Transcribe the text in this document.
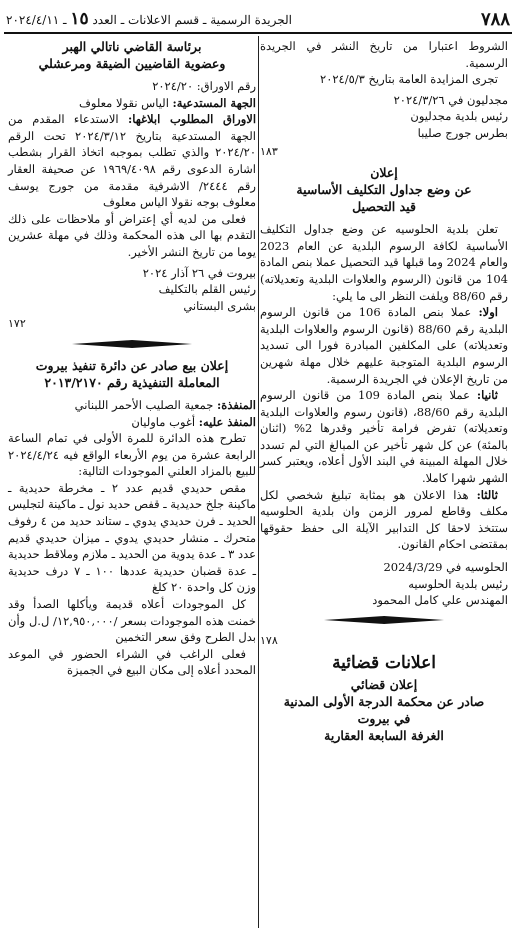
٧٨٨
الجريدة الرسمية ـ قسم الاعلانات ـ العدد ١٥ ـ ٢٠٢٤/٤/١١

الشروط اعتبارا من تاريخ النشر في الجريدة الرسمية.

تجرى المزايدة العامة بتاريخ ٢٠٢٤/٥/٣

مجدليون في ٢٠٢٤/٣/٢٦

رئيس بلدية مجدليون

بطرس جورج صليبا

١٨٣

إعلان

عن وضع جداول التكليف الأساسية

قيد التحصيل

تعلن بلدية الحلوسيه عن وضع جداول التكليف الأساسية لكافة الرسوم البلدية عن العام 2023 والعام 2024 وما قبلها قيد التحصيل عملا بنص المادة 104 من قانون (الرسوم والعلاوات البلدية وتعديلاته) رقم 88/60 ويلفت النظر الى ما يلي:

اولا: عملا بنص المادة 106 من قانون الرسوم البلدية رقم 88/60 (قانون الرسوم والعلاوات البلدية وتعديلاته) على المكلفين المبادرة فورا الى تسديد الرسوم البلدية المتوجبة عليهم خلال مهلة شهرين من تاريخ الإعلان في الجريدة الرسمية.

ثانيا: عملا بنص المادة 109 من قانون الرسوم البلدية رقم 88/60، (قانون رسوم والعلاوات البلدية وتعديلاته) تفرض فرامة تأخير وقدرها 2% (اثنان بالمئة) عن كل شهر تأخير عن المبالغ التي لم تسدد خلال المهلة المبينة في البند الأول أعلاه، ويعتبر كسر الشهر شهرا كاملا.

ثالثا: هذا الاعلان هو بمثابة تبليغ شخصي لكل مكلف وقاطع لمرور الزمن وان بلدية الحلوسيه ستتخذ لاحقا كل التدابير الآيلة الى حفظ حقوقها بمقتضى احكام القانون.

الحلوسيه في 2024/3/29

رئيس بلدية الحلوسيه

المهندس علي كامل المحمود

١٧٨

اعلانات قضائية

إعلان قضائي

صادر عن محكمة الدرجة الأولى المدنية

في بيروت

الغرفة السابعة العقارية

برئاسة القاضي ناتالي الهبر

وعضوية القاضيين الضيقة ومرعشلي

رقم الاوراق: ٢٠٢٤/٢٠

الجهة المستدعية: الياس نقولا معلوف

الاوراق المطلوب ابلاغها: الاستدعاء المقدم من الجهة المستدعية بتاريخ ٢٠٢٤/٣/١٢ تحت الرقم ٢٠٢٤/٢٠ والذي تطلب بموجبه اتخاذ القرار بشطب اشارة الدعوى رقم ١٩٦٩/٤٠٩٨ عن صحيفة العقار رقم ٢٤٤٤/ الاشرفية مقدمة من جورج يوسف معلوف بوجه نقولا الياس معلوف

فعلى من لديه أي إعتراض أو ملاحظات على ذلك التقدم بها الى هذه المحكمة وذلك في مهلة عشرين يوما من تاريخ النشر الأخير.

بيروت في ٢٦ آذار ٢٠٢٤

رئيس القلم بالتكليف

بشرى البستاني

١٧٢

إعلان بيع صادر عن دائرة تنفيذ بيروت

المعاملة التنفيذية رقم ٢٠١٣/٢١٧٠

المنفذة: جمعية الصليب الأحمر اللبناني

المنفذ عليه: أغوب ماوليان

تطرح هذه الدائرة للمرة الأولى في تمام الساعة الرابعة عشرة من يوم الأربعاء الواقع فيه ٢٠٢٤/٤/٢٤ للبيع بالمزاد العلني الموجودات التالية:

مقص حديدي قديم عدد ٢ ـ مخرطة حديدية ـ ماكينة جلخ حديدية ـ قفص حديد نول ـ ماكينة لتجليس الحديد ـ فرن حديدي يدوي ـ ستاند حديد من ٤ رفوف متحرك ـ منشار حديدي يدوي ـ ميزان حديدي قديم عدد ٣ ـ عدة يدوية من الحديد ـ ملازم وملاقط حديدية ـ عدة قضبان حديدية عددها ١٠٠ ـ ٧ درف حديدية وزن كل واحدة ٢٠ كلغ

كل الموجودات أعلاه قديمة ويأكلها الصدأ وقد خمنت هذه الموجودات بسعر /١٢,٩٥٠,٠٠٠/ ل.ل وأن بدل الطرح وفق سعر التخمين

فعلى الراغب في الشراء الحضور في الموعد المحدد أعلاه إلى مكان البيع في الجميزة
